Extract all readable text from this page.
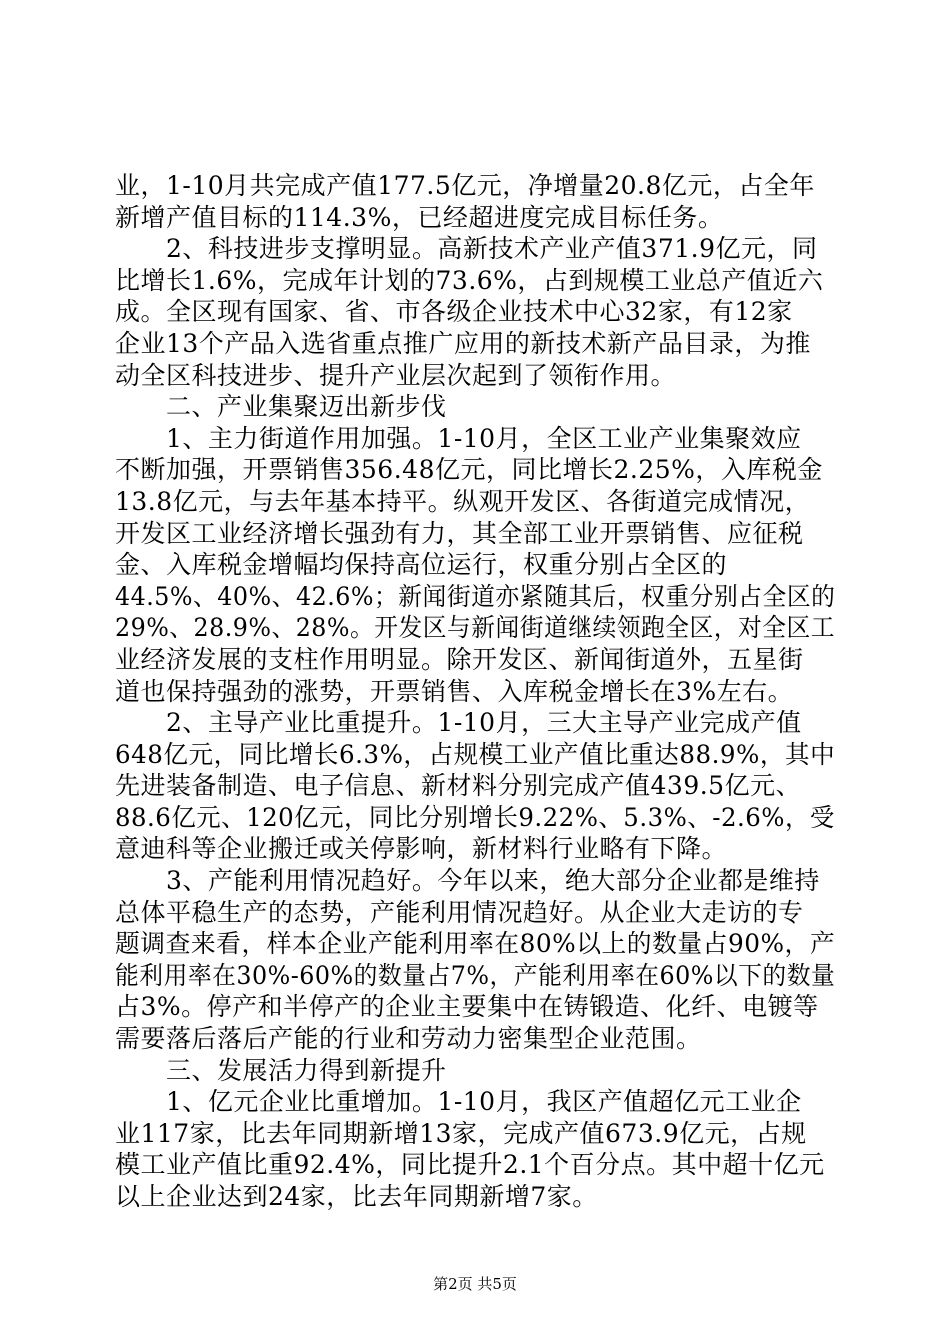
业，1-10月共完成产值177.5亿元，净增量20.8亿元，占全年
新增产值目标的114.3%，已经超进度完成目标任务。
　　2、科技进步支撑明显。高新技术产业产值371.9亿元，同
比增长1.6%，完成年计划的73.6%，占到规模工业总产值近六
成。全区现有国家、省、市各级企业技术中心32家，有12家
企业13个产品入选省重点推广应用的新技术新产品目录，为推
动全区科技进步、提升产业层次起到了领衔作用。
　　二、产业集聚迈出新步伐
　　1、主力街道作用加强。1-10月，全区工业产业集聚效应
不断加强，开票销售356.48亿元，同比增长2.25%，入库税金
13.8亿元，与去年基本持平。纵观开发区、各街道完成情况，
开发区工业经济增长强劲有力，其全部工业开票销售、应征税
金、入库税金增幅均保持高位运行，权重分别占全区的
44.5%、40%、42.6%；新闻街道亦紧随其后，权重分别占全区的
29%、28.9%、28%。开发区与新闻街道继续领跑全区，对全区工
业经济发展的支柱作用明显。除开发区、新闻街道外，五星街
道也保持强劲的涨势，开票销售、入库税金增长在3%左右。
　　2、主导产业比重提升。1-10月，三大主导产业完成产值
648亿元，同比增长6.3%，占规模工业产值比重达88.9%，其中
先进装备制造、电子信息、新材料分别完成产值439.5亿元、
88.6亿元、120亿元，同比分别增长9.22%、5.3%、-2.6%，受
意迪科等企业搬迁或关停影响，新材料行业略有下降。
　　3、产能利用情况趋好。今年以来，绝大部分企业都是维持
总体平稳生产的态势，产能利用情况趋好。从企业大走访的专
题调查来看，样本企业产能利用率在80%以上的数量占90%，产
能利用率在30%-60%的数量占7%，产能利用率在60%以下的数量
占3%。停产和半停产的企业主要集中在铸锻造、化纤、电镀等
需要落后落后产能的行业和劳动力密集型企业范围。
　　三、发展活力得到新提升
　　1、亿元企业比重增加。1-10月，我区产值超亿元工业企
业117家，比去年同期新增13家，完成产值673.9亿元，占规
模工业产值比重92.4%，同比提升2.1个百分点。其中超十亿元
以上企业达到24家，比去年同期新增7家。
第2页 共5页
